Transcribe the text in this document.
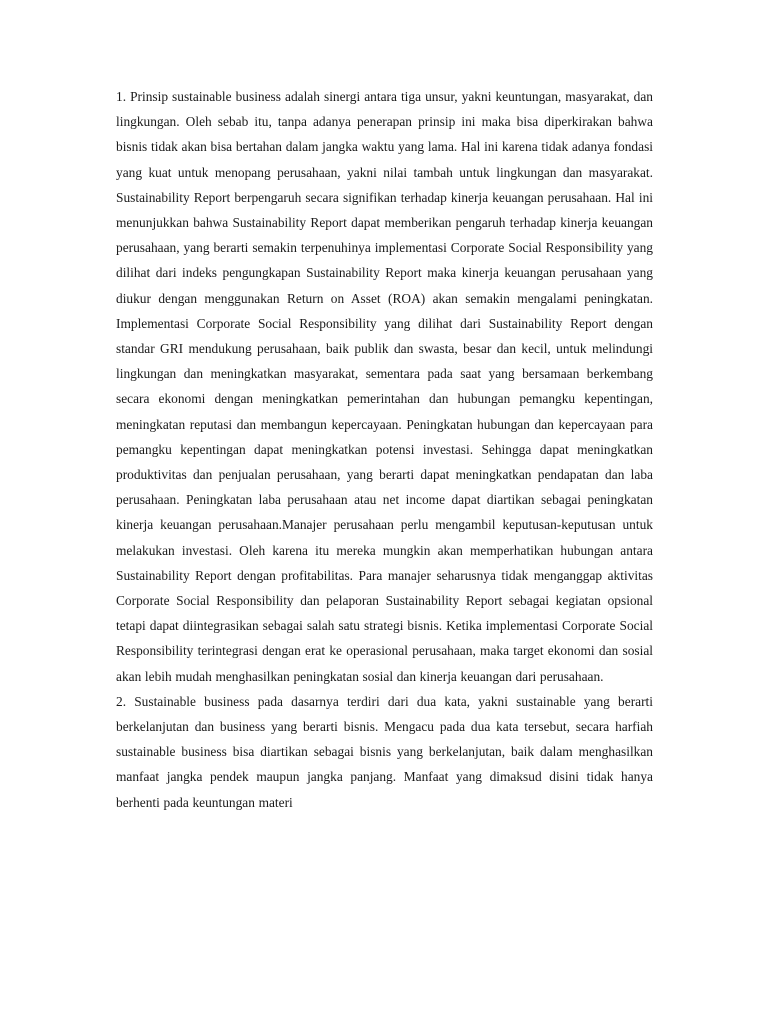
1. Prinsip sustainable business adalah sinergi antara tiga unsur, yakni keuntungan, masyarakat, dan lingkungan. Oleh sebab itu, tanpa adanya penerapan prinsip ini maka bisa diperkirakan bahwa bisnis tidak akan bisa bertahan dalam jangka waktu yang lama. Hal ini karena tidak adanya fondasi yang kuat untuk menopang perusahaan, yakni nilai tambah untuk lingkungan dan masyarakat. Sustainability Report berpengaruh secara signifikan terhadap kinerja keuangan perusahaan. Hal ini menunjukkan bahwa Sustainability Report dapat memberikan pengaruh terhadap kinerja keuangan perusahaan, yang berarti semakin terpenuhinya implementasi Corporate Social Responsibility yang dilihat dari indeks pengungkapan Sustainability Report maka kinerja keuangan perusahaan yang diukur dengan menggunakan Return on Asset (ROA) akan semakin mengalami peningkatan. Implementasi Corporate Social Responsibility yang dilihat dari Sustainability Report dengan standar GRI mendukung perusahaan, baik publik dan swasta, besar dan kecil, untuk melindungi lingkungan dan meningkatkan masyarakat, sementara pada saat yang bersamaan berkembang secara ekonomi dengan meningkatkan pemerintahan dan hubungan pemangku kepentingan, meningkatan reputasi dan membangun kepercayaan. Peningkatan hubungan dan kepercayaan para pemangku kepentingan dapat meningkatkan potensi investasi. Sehingga dapat meningkatkan produktivitas dan penjualan perusahaan, yang berarti dapat meningkatkan pendapatan dan laba perusahaan. Peningkatan laba perusahaan atau net income dapat diartikan sebagai peningkatan kinerja keuangan perusahaan.Manajer perusahaan perlu mengambil keputusan-keputusan untuk melakukan investasi. Oleh karena itu mereka mungkin akan memperhatikan hubungan antara Sustainability Report dengan profitabilitas. Para manajer seharusnya tidak menganggap aktivitas Corporate Social Responsibility dan pelaporan Sustainability Report sebagai kegiatan opsional tetapi dapat diintegrasikan sebagai salah satu strategi bisnis. Ketika implementasi Corporate Social Responsibility terintegrasi dengan erat ke operasional perusahaan, maka target ekonomi dan sosial akan lebih mudah menghasilkan peningkatan sosial dan kinerja keuangan dari perusahaan.

2. Sustainable business pada dasarnya terdiri dari dua kata, yakni sustainable yang berarti berkelanjutan dan business yang berarti bisnis. Mengacu pada dua kata tersebut, secara harfiah sustainable business bisa diartikan sebagai bisnis yang berkelanjutan, baik dalam menghasilkan manfaat jangka pendek maupun jangka panjang. Manfaat yang dimaksud disini tidak hanya berhenti pada keuntungan materi
